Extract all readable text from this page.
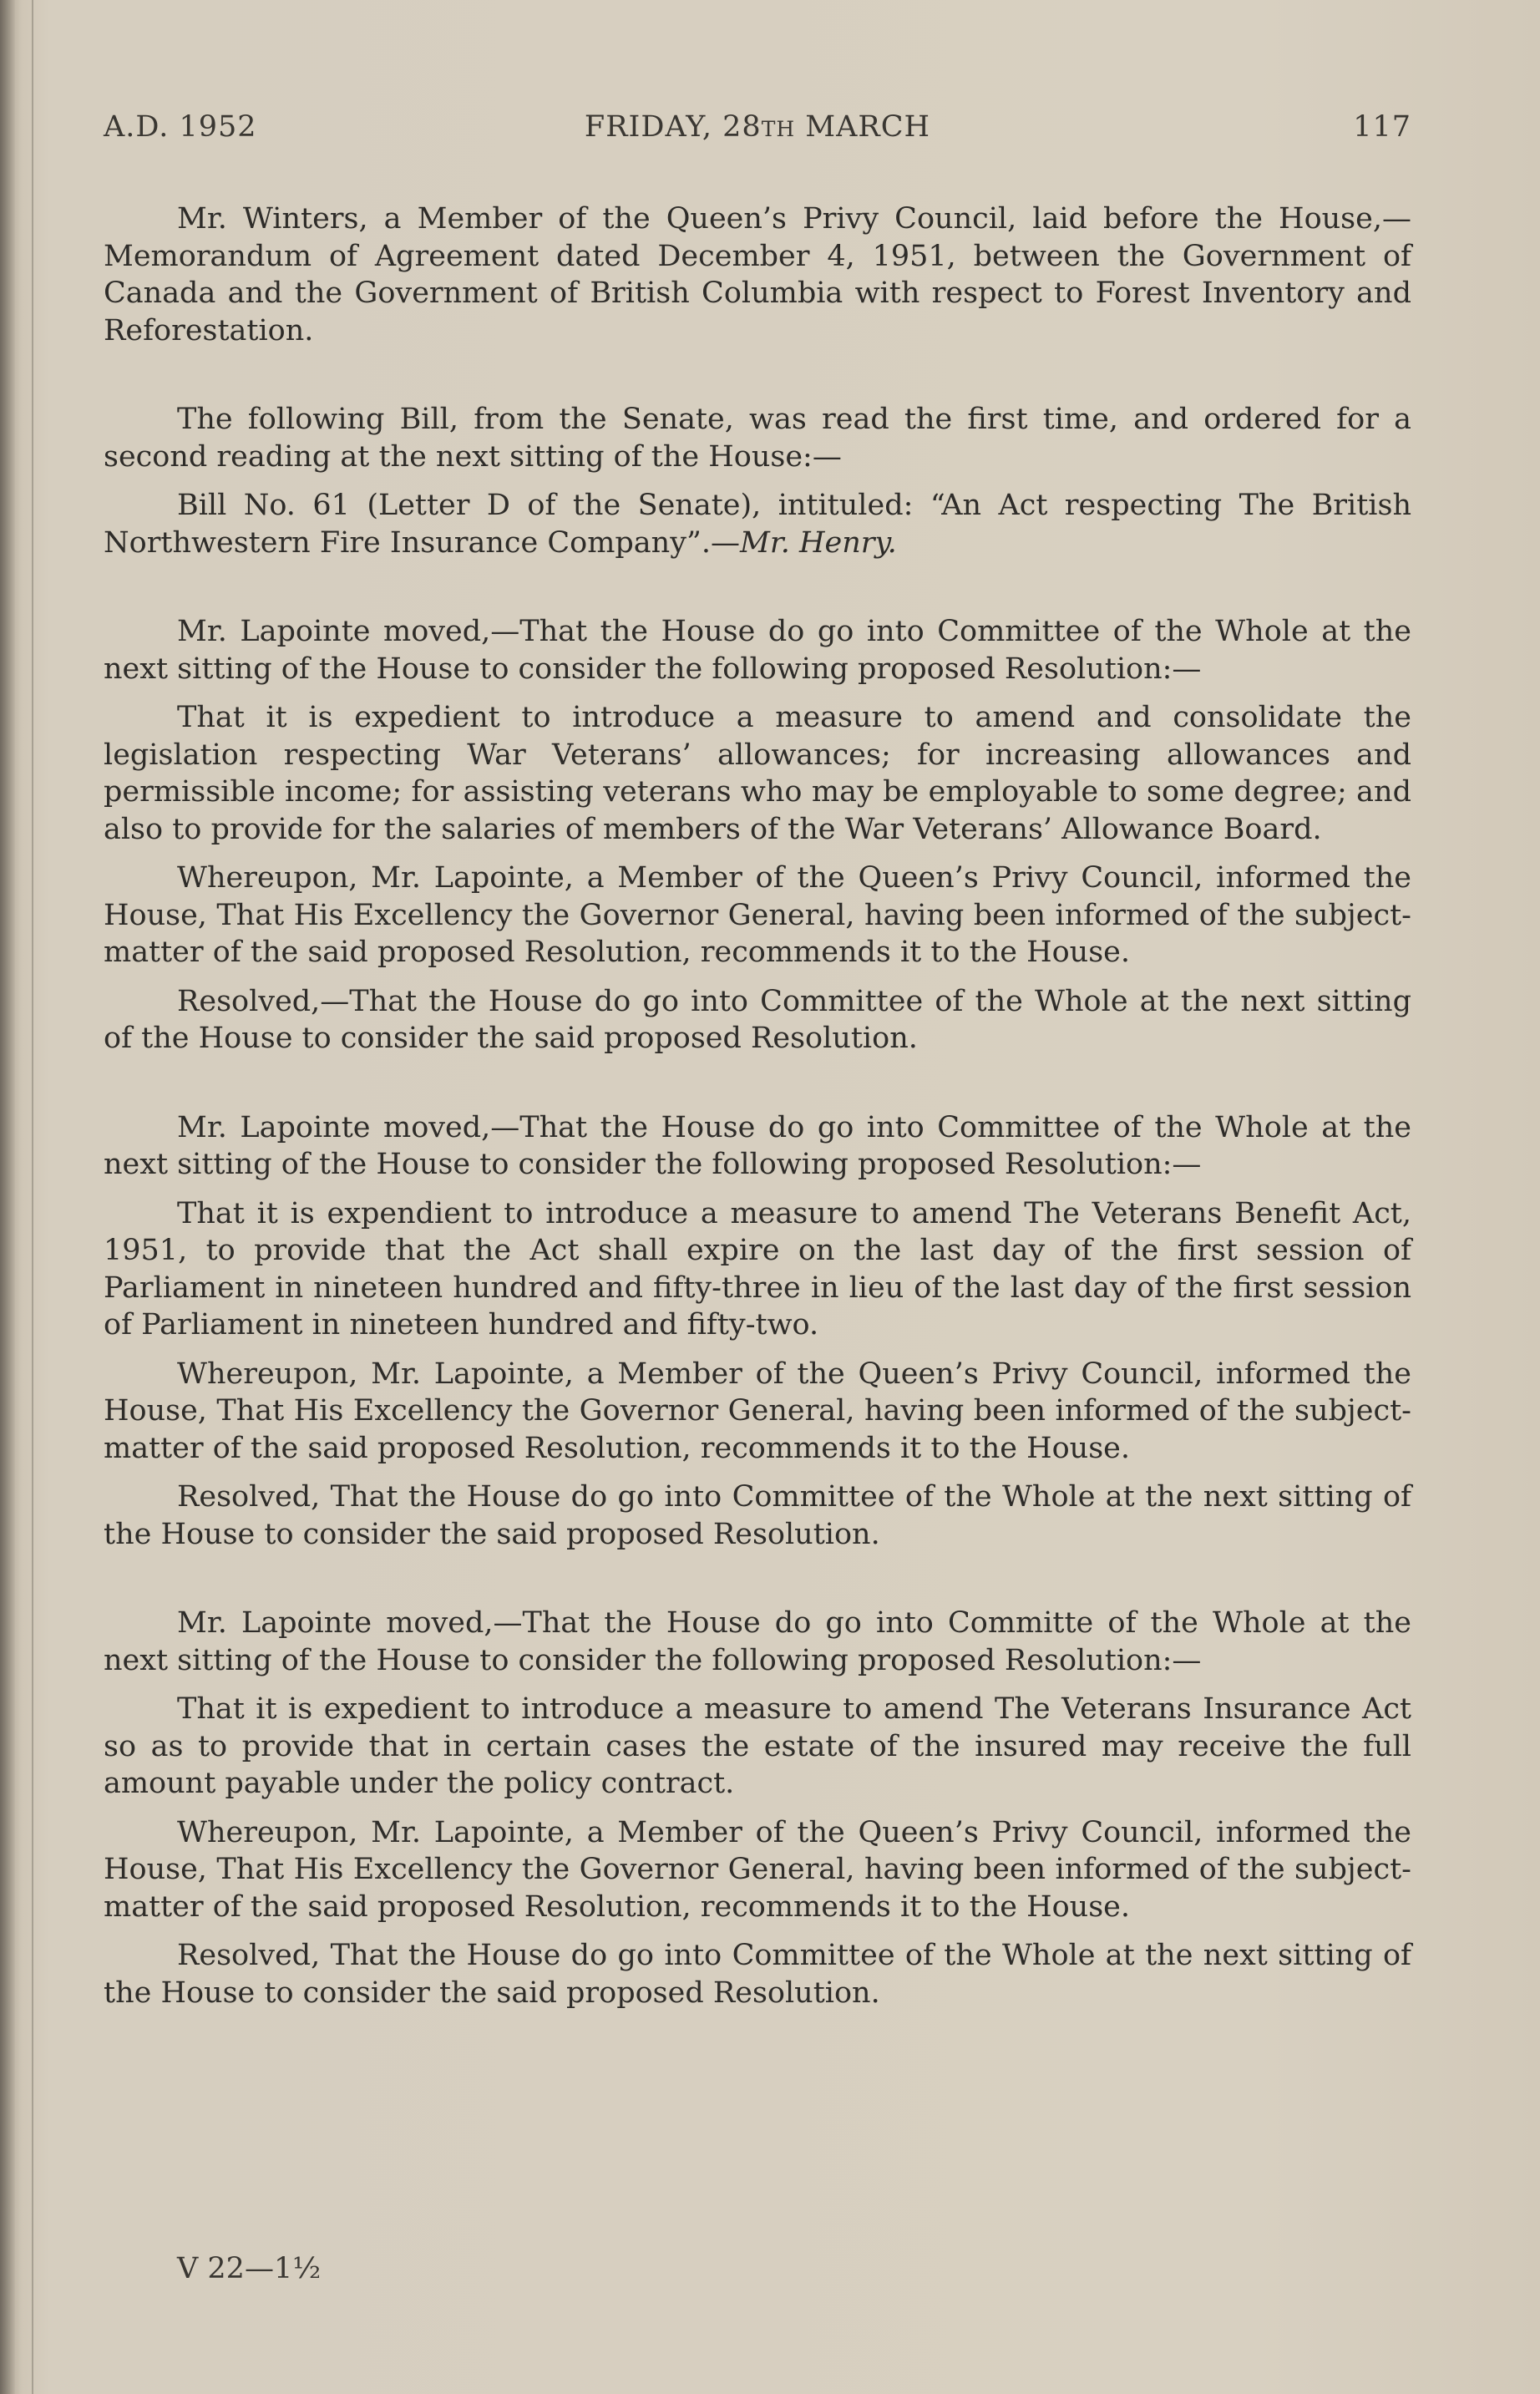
A.D. 1952	FRIDAY, 28TH MARCH	117

Mr. Winters, a Member of the Queen’s Privy Council, laid before the House,—Memorandum of Agreement dated December 4, 1951, between the Government of Canada and the Government of British Columbia with respect to Forest Inventory and Reforestation.

The following Bill, from the Senate, was read the first time, and ordered for a second reading at the next sitting of the House:—

Bill No. 61 (Letter D of the Senate), intituled: “An Act respecting The British Northwestern Fire Insurance Company”.—Mr. Henry.

Mr. Lapointe moved,—That the House do go into Committee of the Whole at the next sitting of the House to consider the following proposed Resolution:—

That it is expedient to introduce a measure to amend and consolidate the legislation respecting War Veterans’ allowances; for increasing allowances and permissible income; for assisting veterans who may be employable to some degree; and also to provide for the salaries of members of the War Veterans’ Allowance Board.

Whereupon, Mr. Lapointe, a Member of the Queen’s Privy Council, informed the House, That His Excellency the Governor General, having been informed of the subject-matter of the said proposed Resolution, recommends it to the House.

Resolved,—That the House do go into Committee of the Whole at the next sitting of the House to consider the said proposed Resolution.

Mr. Lapointe moved,—That the House do go into Committee of the Whole at the next sitting of the House to consider the following proposed Resolution:—

That it is expendient to introduce a measure to amend The Veterans Benefit Act, 1951, to provide that the Act shall expire on the last day of the first session of Parliament in nineteen hundred and fifty-three in lieu of the last day of the first session of Parliament in nineteen hundred and fifty-two.

Whereupon, Mr. Lapointe, a Member of the Queen’s Privy Council, informed the House, That His Excellency the Governor General, having been informed of the subject-matter of the said proposed Resolution, recommends it to the House.

Resolved, That the House do go into Committee of the Whole at the next sitting of the House to consider the said proposed Resolution.

Mr. Lapointe moved,—That the House do go into Committe of the Whole at the next sitting of the House to consider the following proposed Resolution:—

That it is expedient to introduce a measure to amend The Veterans Insurance Act so as to provide that in certain cases the estate of the insured may receive the full amount payable under the policy contract.

Whereupon, Mr. Lapointe, a Member of the Queen’s Privy Council, informed the House, That His Excellency the Governor General, having been informed of the subject-matter of the said proposed Resolution, recommends it to the House.

Resolved, That the House do go into Committee of the Whole at the next sitting of the House to consider the said proposed Resolution.

V 22—1½
